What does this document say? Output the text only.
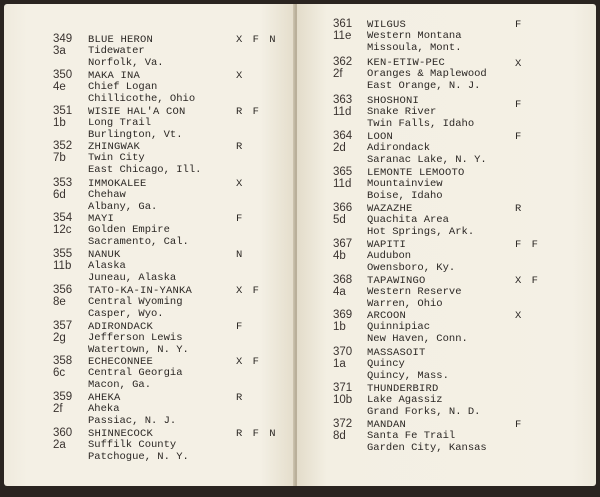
349
3a
BLUE HERON
Tidewater
Norfolk, Va.
X F N
350
4e
MAKA INA
Chief Logan
Chillicothe, Ohio
X
351
1b
WISIE HAL'A CON
Long Trail
Burlington, Vt.
R F
352
7b
ZHINGWAK
Twin City
East Chicago, Ill.
R
353
6d
IMMOKALEE
Chehaw
Albany, Ga.
X
354
12c
MAYI
Golden Empire
Sacramento, Cal.
F
355
11b
NANUK
Alaska
Juneau, Alaska
N
356
8e
TATO-KA-IN-YANKA
Central Wyoming
Casper, Wyo.
X F
357
2g
ADIRONDACK
Jefferson Lewis
Watertown, N. Y.
F
358
6c
ECHECONNEE
Central Georgia
Macon, Ga.
X F
359
2f
AHEKA
Aheka
Passiac, N. J.
R
360
2a
SHINNECOCK
Suffilk County
Patchogue, N. Y.
R F N
361
11e
WILGUS
Western Montana
Missoula, Mont.
F
362
2f
KEN-ETIW-PEC
Oranges & Maplewood
East Orange, N. J.
X
363
11d
SHOSHONI
Snake River
Twin Falls, Idaho
F
364
2d
LOON
Adirondack
Saranac Lake, N. Y.
F
365
11d
LEMONTE LEMOOTO
Mountainview
Boise, Idaho
366
5d
WAZAZHE
Quachita Area
Hot Springs, Ark.
R
367
4b
WAPITI
Audubon
Owensboro, Ky.
F F
368
4a
TAPAWINGO
Western Reserve
Warren, Ohio
X F
369
1b
ARCOON
Quinnipiac
New Haven, Conn.
X
370
1a
MASSASOIT
Quincy
Quincy, Mass.
371
10b
THUNDERBIRD
Lake Agassiz
Grand Forks, N. D.
372
8d
MANDAN
Santa Fe Trail
Garden City, Kansas
F
